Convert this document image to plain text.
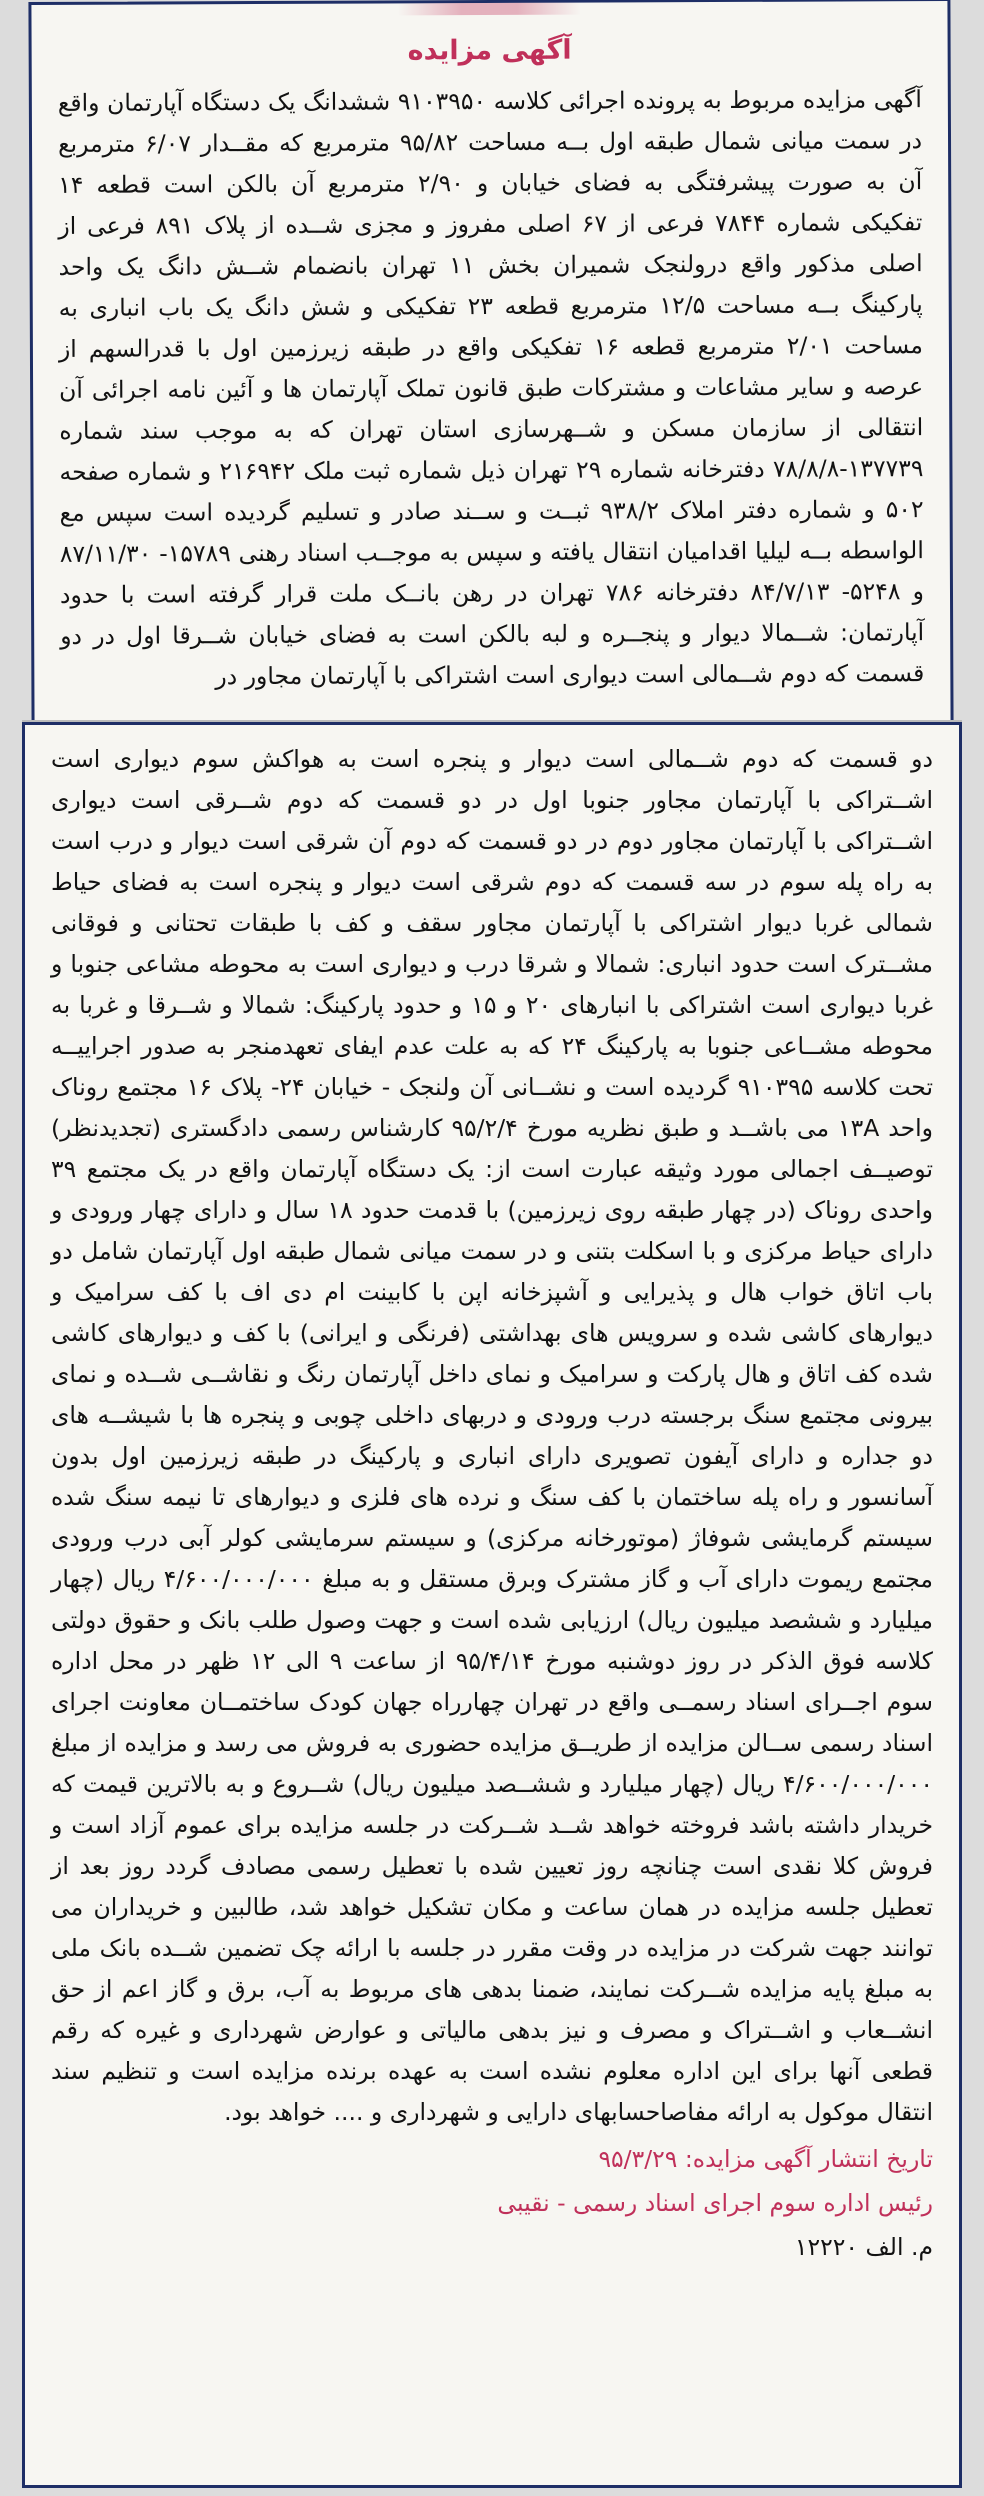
آگهی مزایده

آگهی مزایده مربوط به پرونده اجرائی کلاسه ۹۱۰۳۹۵۰ ششدانگ یک دستگاه آپارتمان واقع در سمت میانی شمال طبقه اول بــه مساحت ۹۵/۸۲ مترمربع که مقــدار ۶/۰۷ مترمربع آن به صورت پیشرفتگی به فضای خیابان و ۲/۹۰ مترمربع آن بالکن است قطعه ۱۴ تفکیکی شماره ۷۸۴۴ فرعی از ۶۷ اصلی مفروز و مجزی شــده از پلاک ۸۹۱ فرعی از اصلی مذکور واقع درولنجک شمیران بخش ۱۱ تهران بانضمام شــش دانگ یک واحد پارکینگ بــه مساحت ۱۲/۵ مترمربع قطعه ۲۳ تفکیکی و شش دانگ یک باب انباری به مساحت ۲/۰۱ مترمربع قطعه ۱۶ تفکیکی واقع در طبقه زیرزمین اول با قدرالسهم از عرصه و سایر مشاعات و مشترکات طبق قانون تملک آپارتمان ها و آئین نامه اجرائی آن انتقالی از سازمان مسکن و شــهرسازی استان تهران که به موجب سند شماره ۱۳۷۷۳۹-۷۸/۸/۸ دفترخانه شماره ۲۹ تهران ذیل شماره ثبت ملک ۲۱۶۹۴۲ و شماره صفحه ۵۰۲ و شماره دفتر املاک ۹۳۸/۲ ثبــت و ســند صادر و تسلیم گردیده است سپس مع الواسطه بــه لیلیا اقدامیان انتقال یافته و سپس به موجــب اسناد رهنی ۱۵۷۸۹- ۸۷/۱۱/۳۰ و ۵۲۴۸- ۸۴/۷/۱۳ دفترخانه ۷۸۶ تهران در رهن بانــک ملت قرار گرفته است با حدود آپارتمان: شــمالا دیوار و پنجــره و لبه بالکن است به فضای خیابان شــرقا اول در دو قسمت که دوم شــمالی است دیواری است اشتراکی با آپارتمان مجاور در

دو قسمت که دوم شــمالی است دیوار و پنجره است به هواکش سوم دیواری است اشــتراکی با آپارتمان مجاور جنوبا اول در دو قسمت که دوم شــرقی است دیواری اشــتراکی با آپارتمان مجاور دوم در دو قسمت که دوم آن شرقی است دیوار و درب است به راه پله سوم در سه قسمت که دوم شرقی است دیوار و پنجره است به فضای حیاط شمالی غربا دیوار اشتراکی با آپارتمان مجاور سقف و کف با طبقات تحتانی و فوقانی مشــترک است حدود انباری: شمالا و شرقا درب و دیواری است به محوطه مشاعی جنوبا و غربا دیواری است اشتراکی با انبارهای ۲۰ و ۱۵ و حدود پارکینگ: شمالا و شــرقا و غربا به محوطه مشــاعی جنوبا به پارکینگ ۲۴ که به علت عدم ایفای تعهدمنجر به صدور اجراییــه تحت کلاسه ۹۱۰۳۹۵ گردیده است و نشــانی آن ولنجک - خیابان ۲۴- پلاک ۱۶ مجتمع روناک واحد ۱۳A می باشــد و طبق نظریه مورخ ۹۵/۲/۴ کارشناس رسمی دادگستری (تجدیدنظر) توصیــف اجمالی مورد وثیقه عبارت است از: یک دستگاه آپارتمان واقع در یک مجتمع ۳۹ واحدی روناک (در چهار طبقه روی زیرزمین) با قدمت حدود ۱۸ سال و دارای چهار ورودی و دارای حیاط مرکزی و با اسکلت بتنی و در سمت میانی شمال طبقه اول آپارتمان شامل دو باب اتاق خواب هال و پذیرایی و آشپزخانه اپن با کابینت ام دی اف با کف سرامیک و دیوارهای کاشی شده و سرویس های بهداشتی (فرنگی و ایرانی) با کف و دیوارهای کاشی شده کف اتاق و هال پارکت و سرامیک و نمای داخل آپارتمان رنگ و نقاشــی شــده و نمای بیرونی مجتمع سنگ برجسته درب ورودی و دربهای داخلی چوبی و پنجره ها با شیشــه های دو جداره و دارای آیفون تصویری دارای انباری و پارکینگ در طبقه زیرزمین اول بدون آسانسور و راه پله ساختمان با کف سنگ و نرده های فلزی و دیوارهای تا نیمه سنگ شده سیستم گرمایشی شوفاژ (موتورخانه مرکزی) و سیستم سرمایشی کولر آبی درب ورودی مجتمع ریموت دارای آب و گاز مشترک وبرق مستقل و به مبلغ ۴/۶۰۰/۰۰۰/۰۰۰ ریال (چهار میلیارد و ششصد میلیون ریال) ارزیابی شده است و جهت وصول طلب بانک و حقوق دولتی کلاسه فوق الذکر در روز دوشنبه مورخ ۹۵/۴/۱۴ از ساعت ۹ الی ۱۲ ظهر در محل اداره سوم اجــرای اسناد رسمــی واقع در تهران چهارراه جهان کودک ساختمــان معاونت اجرای اسناد رسمی ســالن مزایده از طریــق مزایده حضوری به فروش می رسد و مزایده از مبلغ ۴/۶۰۰/۰۰۰/۰۰۰ ریال (چهار میلیارد و ششــصد میلیون ریال) شــروع و به بالاترین قیمت که خریدار داشته باشد فروخته خواهد شــد شــرکت در جلسه مزایده برای عموم آزاد است و فروش کلا نقدی است چنانچه روز تعیین شده با تعطیل رسمی مصادف گردد روز بعد از تعطیل جلسه مزایده در همان ساعت و مکان تشکیل خواهد شد، طالبین و خریداران می توانند جهت شرکت در مزایده در وقت مقرر در جلسه با ارائه چک تضمین شــده بانک ملی به مبلغ پایه مزایده شــرکت نمایند، ضمنا بدهی های مربوط به آب، برق و گاز اعم از حق انشــعاب و اشــتراک و مصرف و نیز بدهی مالیاتی و عوارض شهرداری و غیره که رقم قطعی آنها برای این اداره معلوم نشده است به عهده برنده مزایده است و تنظیم سند انتقال موکول به ارائه مفاصاحسابهای دارایی و شهرداری و .... خواهد بود.

تاریخ انتشار آگهی مزایده: ۹۵/۳/۲۹
رئیس اداره سوم اجرای اسناد رسمی - نقیبی
م. الف ۱۲۲۲۰
